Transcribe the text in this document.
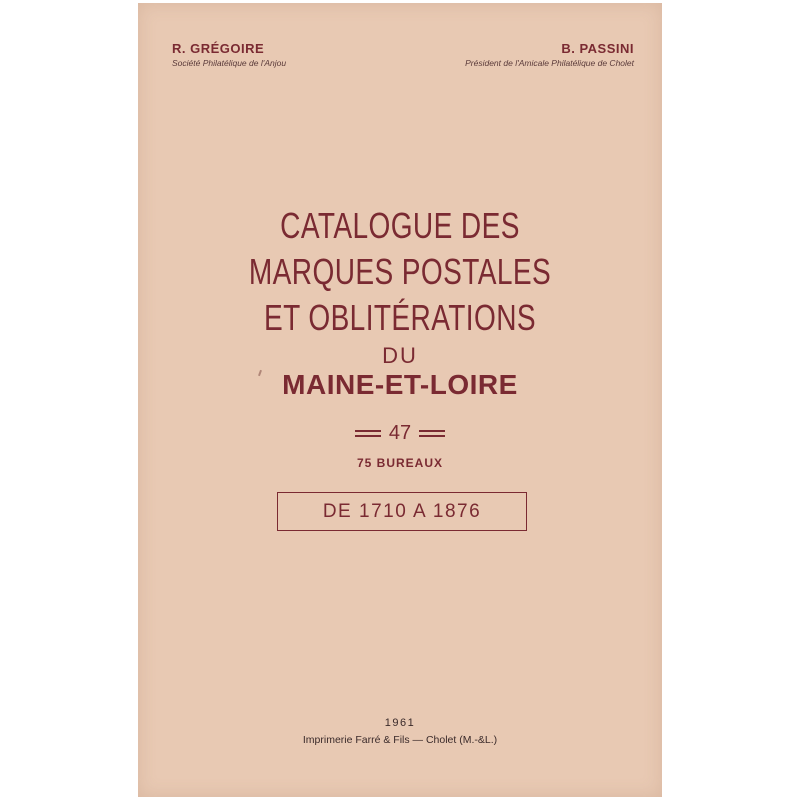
R. GRÉGOIRE
Société Philatélique de l'Anjou
B. PASSINI
Président de l'Amicale Philatélique de Cholet
CATALOGUE DES
MARQUES POSTALES
ET OBLITÉRATIONS
DU
MAINE-ET-LOIRE
47
75 BUREAUX
DE 1710 A 1876
1961
Imprimerie Farré & Fils — Cholet (M.-&L.)
